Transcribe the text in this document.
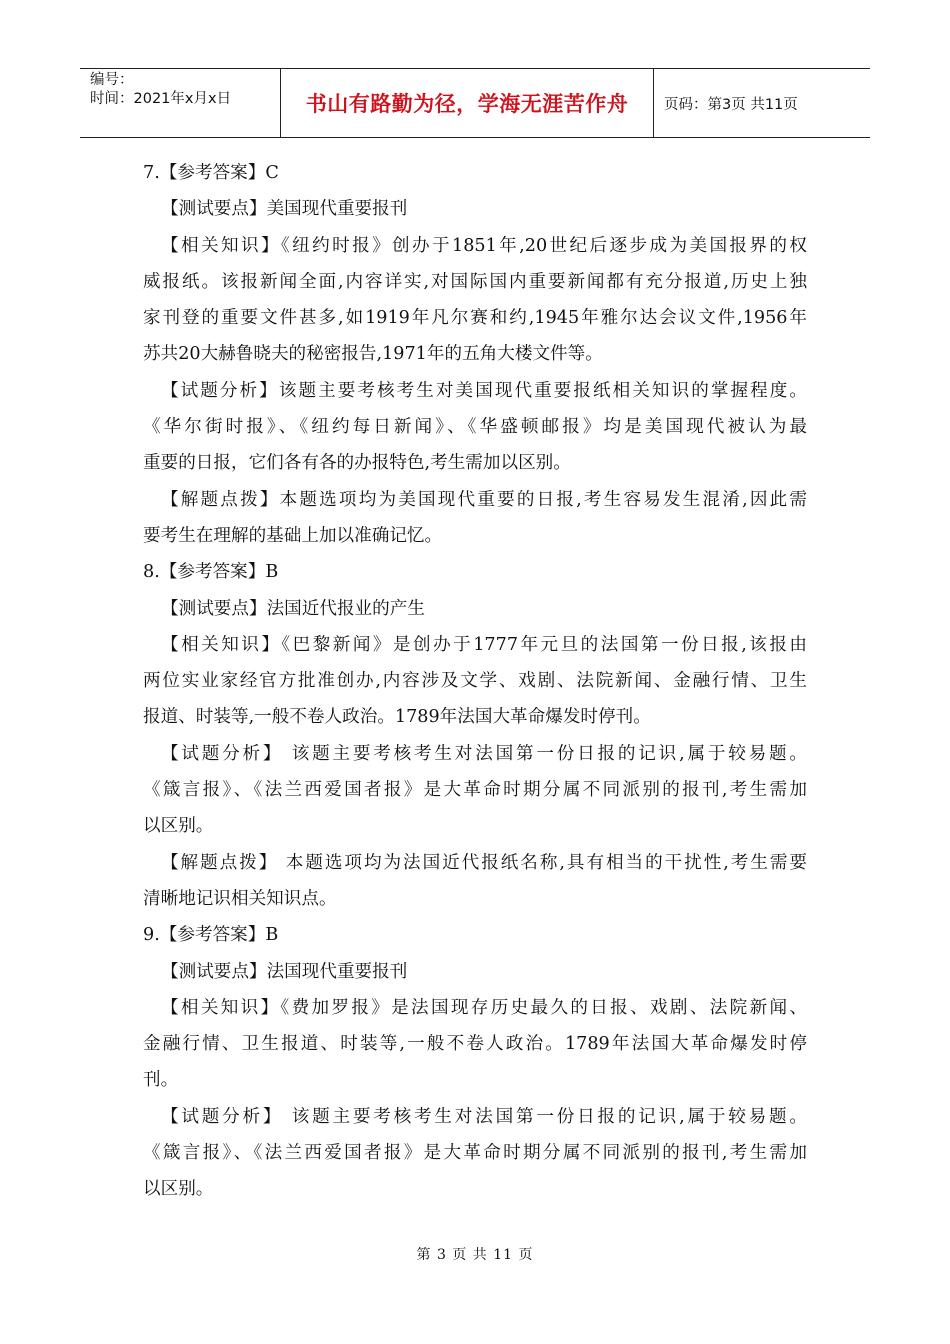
编号：
时间：2021年x月x日	书山有路勤为径，学海无涯苦作舟	页码：第3页 共11页
7.【参考答案】C
【测试要点】美国现代重要报刊
【相关知识】《纽约时报》创办于1851年,20世纪后逐步成为美国报界的权
威报纸。该报新闻全面,内容详实,对国际国内重要新闻都有充分报道,历史上独
家刊登的重要文件甚多,如1919年凡尔赛和约,1945年雅尔达会议文件,1956年
苏共20大赫鲁晓夫的秘密报告,1971年的五角大楼文件等。
【试题分析】该题主要考核考生对美国现代重要报纸相关知识的掌握程度。
《华尔街时报》、《纽约每日新闻》、《华盛顿邮报》均是美国现代被认为最
重要的日报，它们各有各的办报特色,考生需加以区别。
【解题点拨】本题选项均为美国现代重要的日报,考生容易发生混淆,因此需
要考生在理解的基础上加以准确记忆。
8.【参考答案】B
【测试要点】法国近代报业的产生
【相关知识】《巴黎新闻》是创办于1777年元旦的法国第一份日报,该报由
两位实业家经官方批准创办,内容涉及文学、戏剧、法院新闻、金融行情、卫生
报道、时装等,一般不卷人政治。1789年法国大革命爆发时停刊。
【试题分析】 该题主要考核考生对法国第一份日报的记识,属于较易题。
《箴言报》、《法兰西爱国者报》是大革命时期分属不同派别的报刊,考生需加
以区别。
【解题点拨】 本题选项均为法国近代报纸名称,具有相当的干扰性,考生需要
清晰地记识相关知识点。
9.【参考答案】B
【测试要点】法国现代重要报刊
【相关知识】《费加罗报》是法国现存历史最久的日报、戏剧、法院新闻、
金融行情、卫生报道、时装等,一般不卷人政治。1789年法国大革命爆发时停
刊。
【试题分析】 该题主要考核考生对法国第一份日报的记识,属于较易题。
《箴言报》、《法兰西爱国者报》是大革命时期分属不同派别的报刊,考生需加
以区别。
第 3 页 共 11 页
